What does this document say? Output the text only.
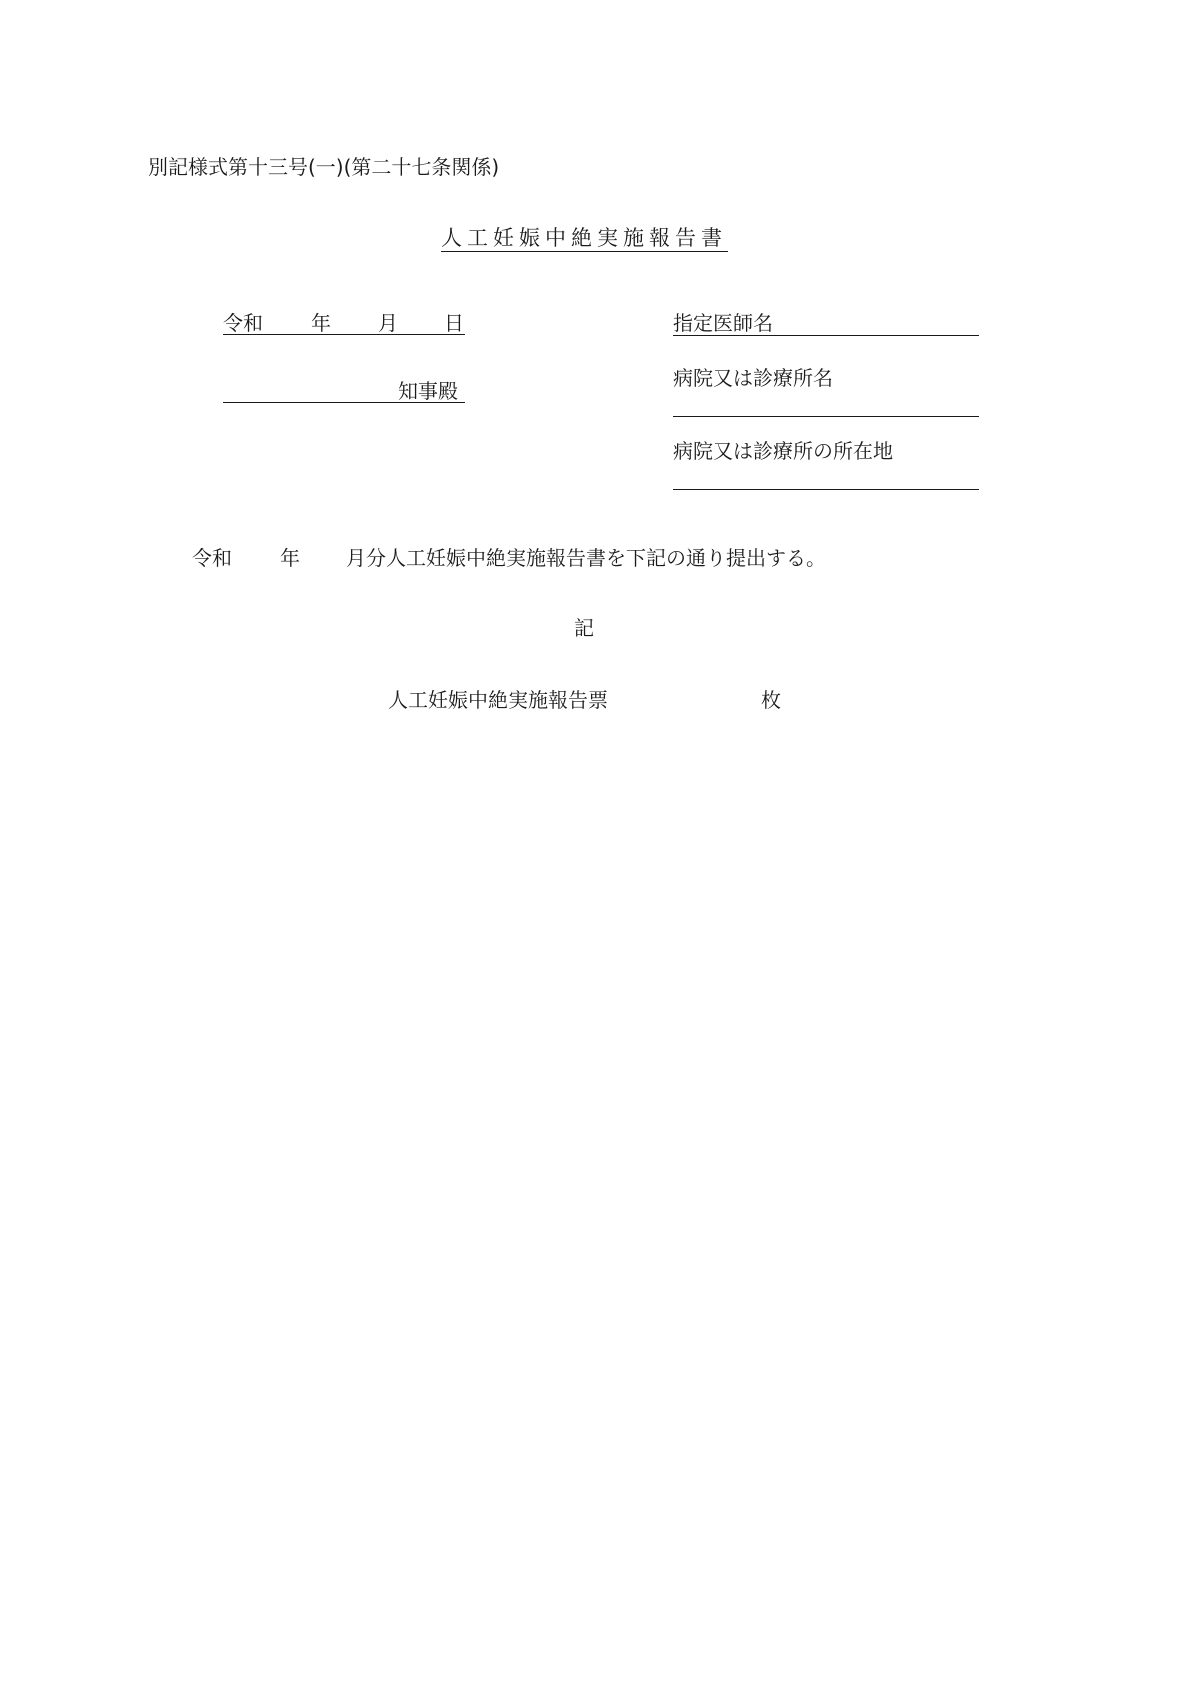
別記様式第十三号(一)(第二十七条関係)
人工妊娠中絶実施報告書
令和 年 月 日
知事殿
指定医師名
病院又は診療所名
病院又は診療所の所在地
令和 年 月分人工妊娠中絶実施報告書を下記の通り提出する。
記
人工妊娠中絶実施報告票	枚
